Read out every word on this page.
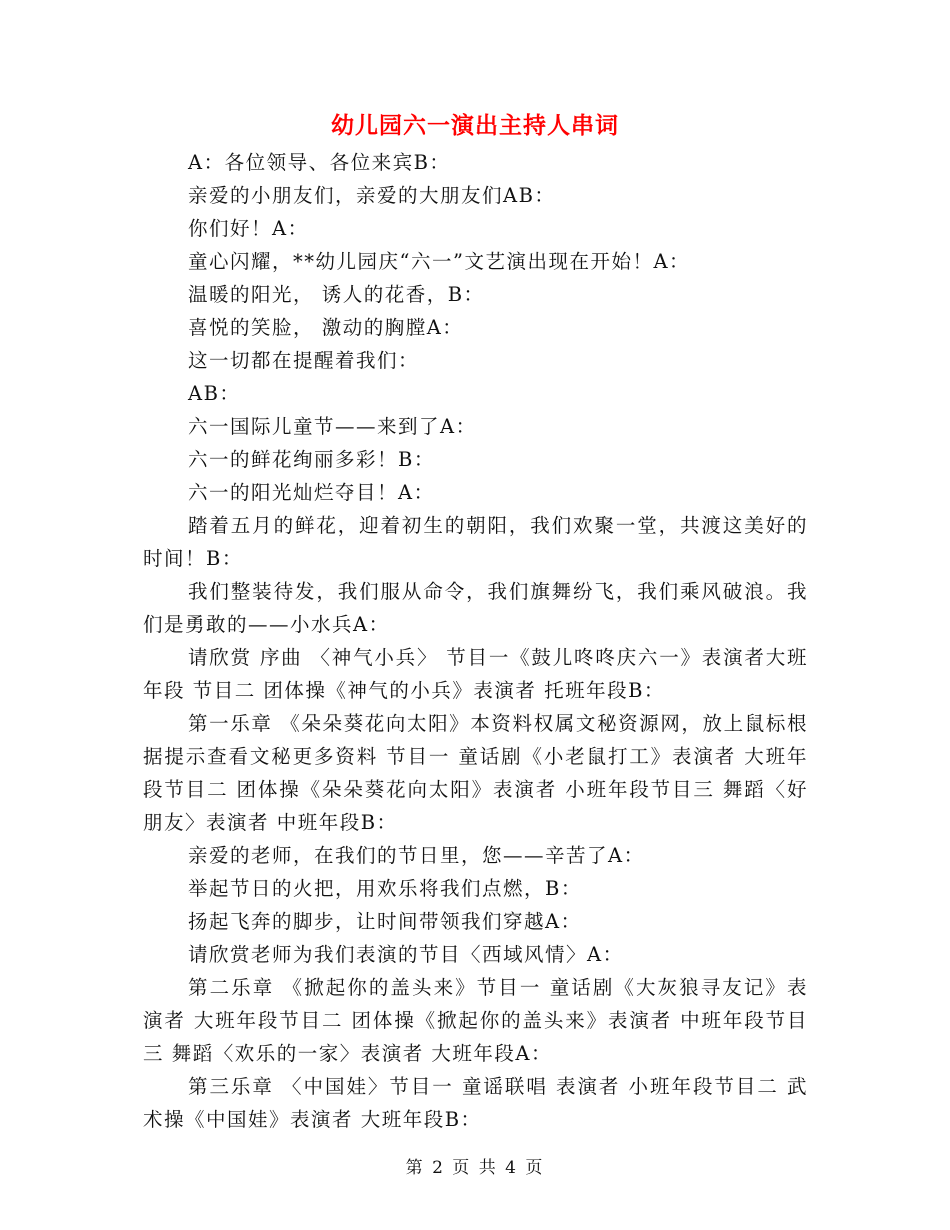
幼儿园六一演出主持人串词

A：各位领导、各位来宾B：

亲爱的小朋友们，亲爱的大朋友们AB：

你们好！A：

童心闪耀，**幼儿园庆“六一”文艺演出现在开始！A：

温暖的阳光， 诱人的花香，B：

喜悦的笑脸， 激动的胸膛A：

这一切都在提醒着我们：

AB：

六一国际儿童节——来到了A：

六一的鲜花绚丽多彩！B：

六一的阳光灿烂夺目！A：

踏着五月的鲜花，迎着初生的朝阳，我们欢聚一堂，共渡这美好的时间！B：

我们整装待发，我们服从命令，我们旗舞纷飞，我们乘风破浪。我们是勇敢的——小水兵A：

请欣赏 序曲 〈神气小兵〉 节目一《鼓儿咚咚庆六一》表演者大班年段 节目二 团体操《神气的小兵》表演者 托班年段B：

第一乐章 《朵朵葵花向太阳》本资料权属文秘资源网，放上鼠标根据提示查看文秘更多资料 节目一 童话剧《小老鼠打工》表演者 大班年段节目二 团体操《朵朵葵花向太阳》表演者 小班年段节目三 舞蹈〈好朋友〉表演者 中班年段B：

亲爱的老师，在我们的节日里，您——辛苦了A：

举起节日的火把，用欢乐将我们点燃，B：

扬起飞奔的脚步，让时间带领我们穿越A：

请欣赏老师为我们表演的节目〈西域风情〉A：

第二乐章 《掀起你的盖头来》节目一 童话剧《大灰狼寻友记》表演者 大班年段节目二 团体操《掀起你的盖头来》表演者 中班年段节目三 舞蹈〈欢乐的一家〉表演者 大班年段A：

第三乐章 〈中国娃〉节目一 童谣联唱 表演者 小班年段节目二 武术操《中国娃》表演者 大班年段B：

第 2 页 共 4 页
